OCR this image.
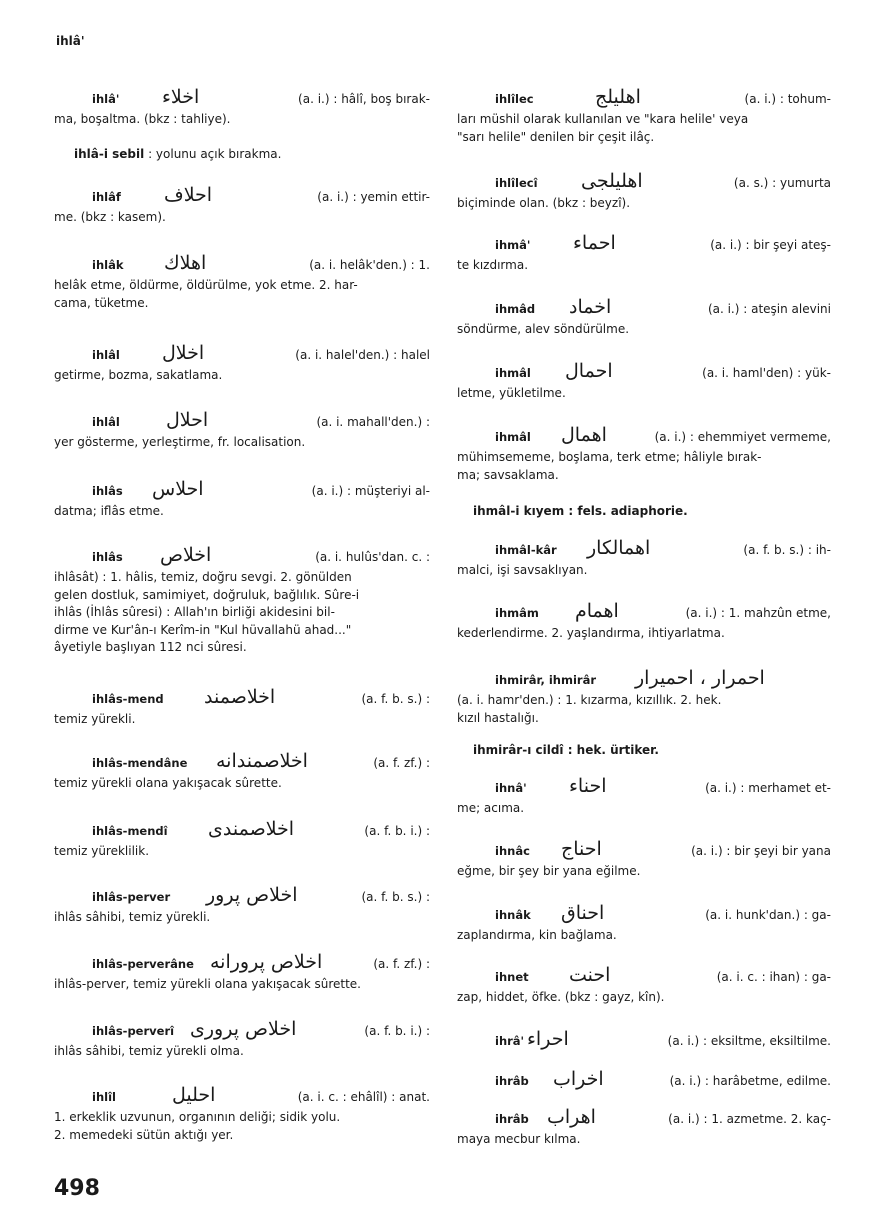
ihlâ'
ihlâ' اخلاء	(a. i.) : hâlî, boş bırak-
ma, boşaltma. (bkz : tahliye).
ihlâ-i sebil : yolunu açık bırakma.
ihlâf احلاف	(a. i.) : yemin ettir-
me. (bkz : kasem).
ihlâk اهلاك	(a. i. helâk'den.) : 1.
helâk etme, öldürme, öldürülme, yok etme. 2. har-
cama, tüketme.
ihlâl اخلال	(a. i. halel'den.) : halel
getirme, bozma, sakatlama.
ihlâl احلال	(a. i. mahall'den.) :
yer gösterme, yerleştirme, fr. localisation.
ihlâs احلاس	(a. i.) : müşteriyi al-
datma; iflâs etme.
ihlâs اخلاص	(a. i. hulûs'dan. c. :
ihlâsât) : 1. hâlis, temiz, doğru sevgi. 2. gönülden
gelen dostluk, samimiyet, doğruluk, bağlılık. Sûre-i
ihlâs (İhlâs sûresi) : Allah'ın birliği akidesini bil-
dirme ve Kur'ân-ı Kerîm-in "Kul hüvallahü ahad..."
âyetiyle başlıyan 112 nci sûresi.
ihlâs-mend اخلاصمند	(a. f. b. s.) :
temiz yürekli.
ihlâs-mendâne اخلاصمندانه	(a. f. zf.) :
temiz yürekli olana yakışacak sûrette.
ihlâs-mendî اخلاصمندى	(a. f. b. i.) :
temiz yüreklilik.
ihlâs-perver اخلاص پرور	(a. f. b. s.) :
ihlâs sâhibi, temiz yürekli.
ihlâs-perverâne اخلاص پرورانه	(a. f. zf.) :
ihlâs-perver, temiz yürekli olana yakışacak sûrette.
ihlâs-perverî اخلاص پرورى	(a. f. b. i.) :
ihlâs sâhibi, temiz yürekli olma.
ihlîl	احليل	(a. i. c. : ehâlîl) : anat.
1. erkeklik uzvunun, organının deliği; sidik yolu.
2. memedeki sütün aktığı yer.
ihlîlec	اهليلج	(a. i.) : tohum-
ları müshil olarak kullanılan ve "kara helile' veya
"sarı helile" denilen bir çeşit ilâç.
ihlîlecî اهليلجى	(a. s.) : yumurta
biçiminde olan. (bkz : beyzî).
ihmâ' احماء	(a. i.) : bir şeyi ateş-
te kızdırma.
ihmâd اخماد	(a. i.) : ateşin alevini
söndürme, alev söndürülme.
ihmâl احمال	(a. i. haml'den) : yük-
letme, yükletilme.
ihmâl اهمال	(a. i.) : ehemmiyet vermeme,
mühimsememe, boşlama, terk etme; hâliyle bırak-
ma; savsaklama.
ihmâl-i kıyem : fels. adiaphorie.
ihmâl-kâr اهمالكار	(a. f. b. s.) : ih-
malci, işi savsaklıyan.
ihmâm اهمام	(a. i.) : 1. mahzûn etme,
kederlendirme. 2. yaşlandırma, ihtiyarlatma.
ihmirâr, ihmirâr احمرار ، احميرار
(a. i. hamr'den.) : 1. kızarma, kızıllık. 2. hek.
kızıl hastalığı.
ihmirâr-ı cildî : hek. ürtiker.
ihnâ' احناء	(a. i.) : merhamet et-
me; acıma.
ihnâc احناج	(a. i.) : bir şeyi bir yana
eğme, bir şey bir yana eğilme.
ihnâk احناق	(a. i. hunk'dan.) : ga-
zaplandırma, kin bağlama.
ihnet احنت	(a. i. c. : ihan) : ga-
zap, hiddet, öfke. (bkz : gayz, kîn).
ihrâ' احراء	(a. i.) : eksiltme, eksiltilme.
ihrâb اخراب	(a. i.) : harâbetme, edilme.
ihrâb اهراب	(a. i.) : 1. azmetme. 2. kaç-
maya mecbur kılma.
498
